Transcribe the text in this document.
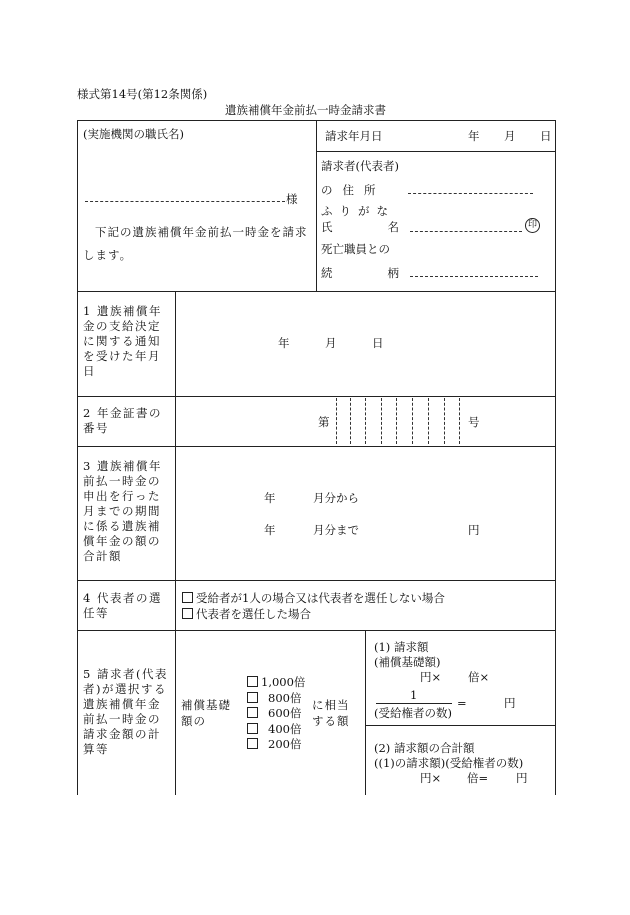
様式第14号(第12条関係)
遺族補償年金前払一時金請求書
(実施機関の職氏名)
様
下記の遺族補償年金前払一時金を請求します。
請求年月日	年 月 日
請求者(代表者)
の住所
ふりがな
氏名	印
死亡職員との
続柄
1 遺族補償年金の支給決定に関する通知を受けた年月日
年	月	日
2 年金証書の番号	第	号
3 遺族補償年前払一時金の申出を行った月までの期間に係る遺族補償年金の額の合計額
年	月分から
年	月分まで	円
4 代表者の選任等
受給者が1人の場合又は代表者を選任しない場合
代表者を選任した場合
5 請求者(代表者)が選択する遺族補償年金前払一時金の請求金額の計算等
補償基礎額の
1,000倍
800倍
600倍
400倍
200倍
に相当する額
(1) 請求額
(補償基礎額)
円× 倍×
1
(受給権者の数)
=	円
(2) 請求額の合計額
((1)の請求額)(受給権者の数)
円× 倍= 円
